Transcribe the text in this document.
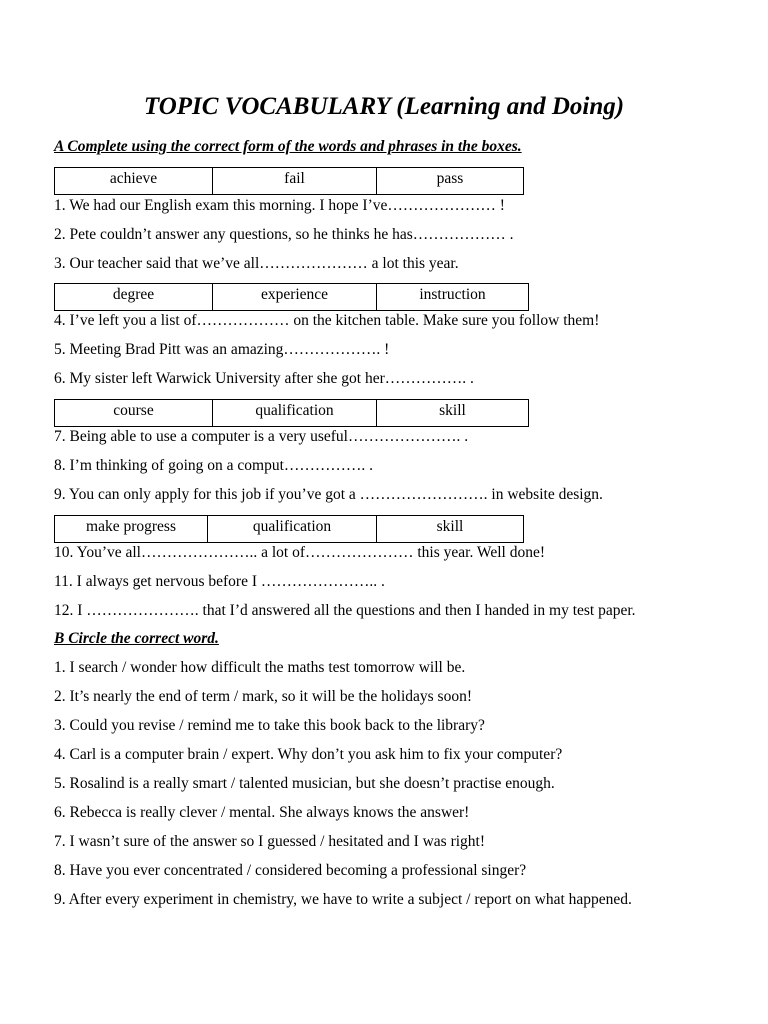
TOPIC VOCABULARY (Learning and Doing)
A Complete using the correct form of the words and phrases in the boxes.
achieve	fail	pass
1. We had our English exam this morning. I hope I’ve………………… !
2. Pete couldn’t answer any questions, so he thinks he has……………… .
3. Our teacher said that we’ve all………………… a lot this year.
degree	experience	instruction
4. I’ve left you a list of……………… on the kitchen table. Make sure you follow them!
5. Meeting Brad Pitt was an amazing………………. !
6. My sister left Warwick University after she got her……………. .
course	qualification	skill
7. Being able to use a computer is a very useful…………………. .
8. I’m thinking of going on a comput……………. .
9. You can only apply for this job if you’ve got a ……………………. in website design.
make progress	qualification	skill
10. You’ve all………………….. a lot of………………… this year. Well done!
11. I always get nervous before I ………………….. .
12. I …………………. that I’d answered all the questions and then I handed in my test paper.
B Circle the correct word.
1. I search / wonder how difficult the maths test tomorrow will be.
2. It’s nearly the end of term / mark, so it will be the holidays soon!
3. Could you revise / remind me to take this book back to the library?
4. Carl is a computer brain / expert. Why don’t you ask him to fix your computer?
5. Rosalind is a really smart / talented musician, but she doesn’t practise enough.
6. Rebecca is really clever / mental. She always knows the answer!
7. I wasn’t sure of the answer so I guessed / hesitated and I was right!
8. Have you ever concentrated / considered becoming a professional singer?
9. After every experiment in chemistry, we have to write a subject / report on what happened.
